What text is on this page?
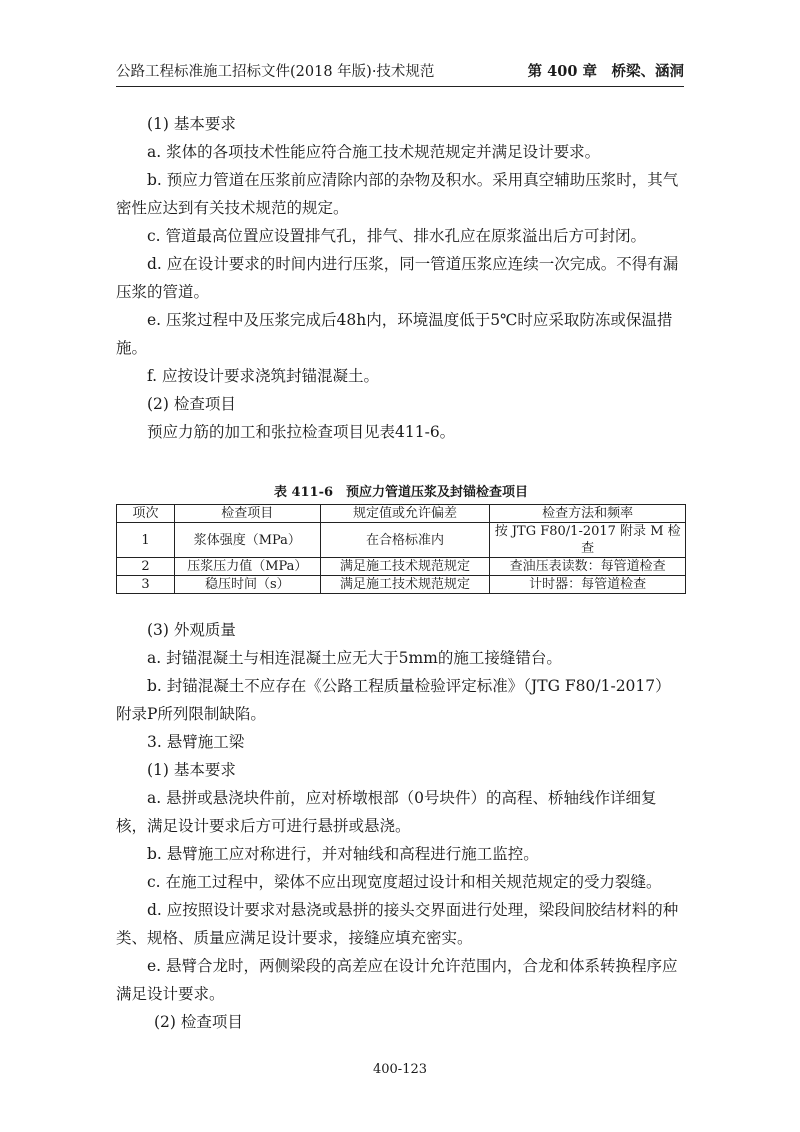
公路工程标准施工招标文件(2018 年版)·技术规范	第 400 章　桥梁、涵洞

(1) 基本要求

a. 浆体的各项技术性能应符合施工技术规范规定并满足设计要求。

b. 预应力管道在压浆前应清除内部的杂物及积水。采用真空辅助压浆时，其气密性应达到有关技术规范的规定。

c. 管道最高位置应设置排气孔，排气、排水孔应在原浆溢出后方可封闭。

d. 应在设计要求的时间内进行压浆，同一管道压浆应连续一次完成。不得有漏压浆的管道。

e. 压浆过程中及压浆完成后48h内，环境温度低于5℃时应采取防冻或保温措施。

f. 应按设计要求浇筑封锚混凝土。

(2) 检查项目

预应力筋的加工和张拉检查项目见表411-6。

表 411-6　预应力管道压浆及封锚检查项目
项次	检查项目	规定值或允许偏差	检查方法和频率
1	浆体强度（MPa）	在合格标准内	按 JTG F80/1-2017 附录 M 检查
2	压浆压力值（MPa）	满足施工技术规范规定	查油压表读数：每管道检查
3	稳压时间（s）	满足施工技术规范规定	计时器：每管道检查

(3) 外观质量

a. 封锚混凝土与相连混凝土应无大于5mm的施工接缝错台。

b. 封锚混凝土不应存在《公路工程质量检验评定标准》（JTG F80/1-2017）附录P所列限制缺陷。

3. 悬臂施工梁

(1) 基本要求

a. 悬拼或悬浇块件前，应对桥墩根部（0号块件）的高程、桥轴线作详细复核，满足设计要求后方可进行悬拼或悬浇。

b. 悬臂施工应对称进行，并对轴线和高程进行施工监控。

c. 在施工过程中，梁体不应出现宽度超过设计和相关规范规定的受力裂缝。

d. 应按照设计要求对悬浇或悬拼的接头交界面进行处理，梁段间胶结材料的种类、规格、质量应满足设计要求，接缝应填充密实。

e. 悬臂合龙时，两侧梁段的高差应在设计允许范围内，合龙和体系转换程序应满足设计要求。

(2) 检查项目

400-123
